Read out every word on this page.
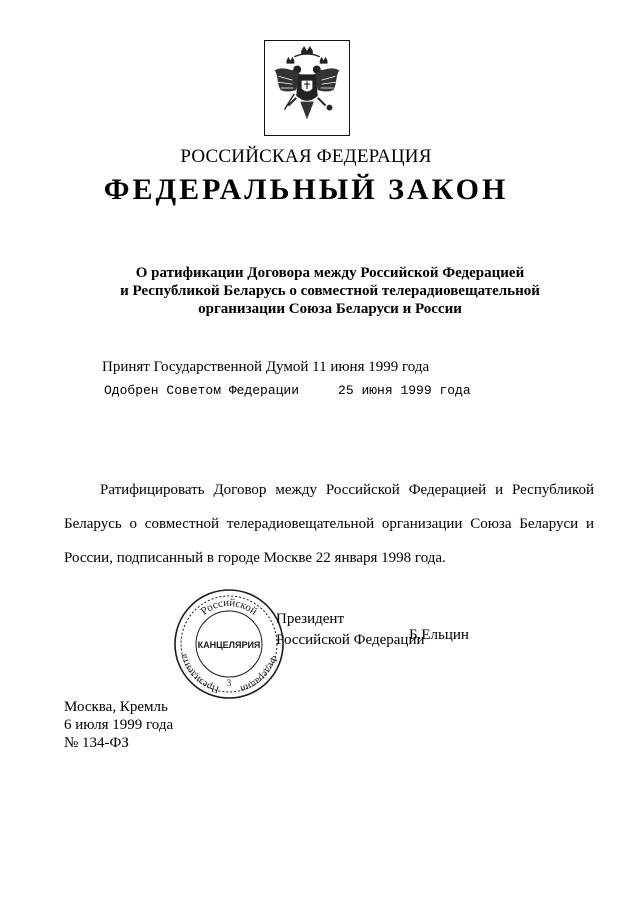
РОССИЙСКАЯ ФЕДЕРАЦИЯ
ФЕДЕРАЛЬНЫЙ ЗАКОН
О ратификации Договора между Российской Федерацией
и Республикой Беларусь о совместной телерадиовещательной
организации Союза Беларуси и России
Принят Государственной Думой 11 июня 1999 года
Одобрен Советом Федерации     25 июня 1999 года
Ратифицировать Договор между Российской Федерацией и Республикой Беларусь о совместной телерадиовещательной организации Союза Беларуси и России, подписанный в городе Москве 22 января 1998 года.
Российской
Президента	Федерации
КАНЦЕЛЯРИЯ
3
Президент
Российской Федерации
Б.Ельцин
Москва, Кремль
6 июля 1999 года
№ 134-ФЗ
